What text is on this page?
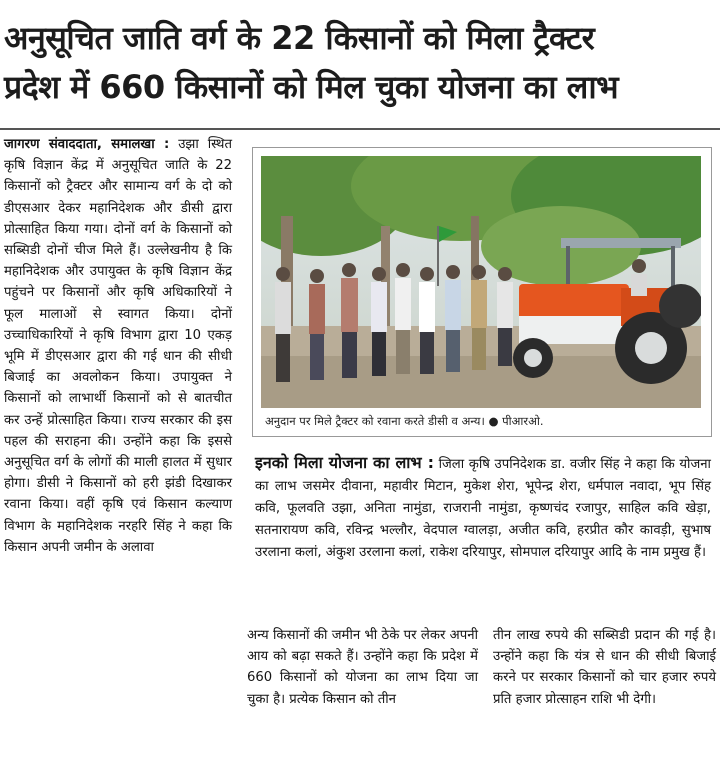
अनुसूचित जाति वर्ग के 22 किसानों को मिला ट्रैक्टर
प्रदेश में 660 किसानों को मिल चुका योजना का लाभ

जागरण संवाददाता, समालखा : उझा स्थित कृषि विज्ञान केंद्र में अनुसूचित जाति के 22 किसानों को ट्रैक्टर और सामान्य वर्ग के दो को डीएसआर देकर महानिदेशक और डीसी द्वारा प्रोत्साहित किया गया। दोनों वर्ग के किसानों को सब्सिडी दोनों चीज मिले हैं। उल्लेखनीय है कि महानिदेशक और उपायुक्त के कृषि विज्ञान केंद्र पहुंचने पर किसानों और कृषि अधिकारियों ने फूल मालाओं से स्वागत किया। दोनों उच्चाधिकारियों ने कृषि विभाग द्वारा 10 एकड़ भूमि में डीएसआर द्वारा की गई धान की सीधी बिजाई का अवलोकन किया। उपायुक्त ने किसानों को लाभार्थी किसानों को से बातचीत कर उन्हें प्रोत्साहित किया। राज्य सरकार की इस पहल की सराहना की। उन्होंने कहा कि इससे अनुसूचित वर्ग के लोगों की माली हालत में सुधार होगा। डीसी ने किसानों को हरी झंडी दिखाकर रवाना किया। वहीं कृषि एवं किसान कल्याण विभाग के महानिदेशक नरहरि सिंह ने कहा कि किसान अपनी जमीन के अलावा

अनुदान पर मिले ट्रैक्टर को रवाना करते डीसी व अन्य। ● पीआरओ.
इनको मिला योजना का लाभ : जिला कृषि उपनिदेशक डा. वजीर सिंह ने कहा कि योजना का लाभ जसमेर दीवाना, महावीर मिटान, मुकेश शेरा, भूपेन्द्र शेरा, धर्मपाल नवादा, भूप सिंह कवि, फूलवति उझा, अनिता नामुंडा, राजरानी नामुंडा, कृष्णचंद रजापुर, साहिल कवि खेड़ा, सतनारायण कवि, रविन्द्र भल्लौर, वेदपाल ग्वालड़ा, अजीत कवि, हरप्रीत कौर कावड़ी, सुभाष उरलाना कलां, अंकुश उरलाना कलां, राकेश दरियापुर, सोमपाल दरियापुर आदि के नाम प्रमुख हैं।

अन्य किसानों की जमीन भी ठेके पर लेकर अपनी आय को बढ़ा सकते हैं। उन्होंने कहा कि प्रदेश में 660 किसानों को योजना का लाभ दिया जा चुका है। प्रत्येक किसान को तीन

तीन लाख रुपये की सब्सिडी प्रदान की गई है। उन्होंने कहा कि यंत्र से धान की सीधी बिजाई करने पर सरकार किसानों को चार हजार रुपये प्रति हजार प्रोत्साहन राशि भी देगी।
